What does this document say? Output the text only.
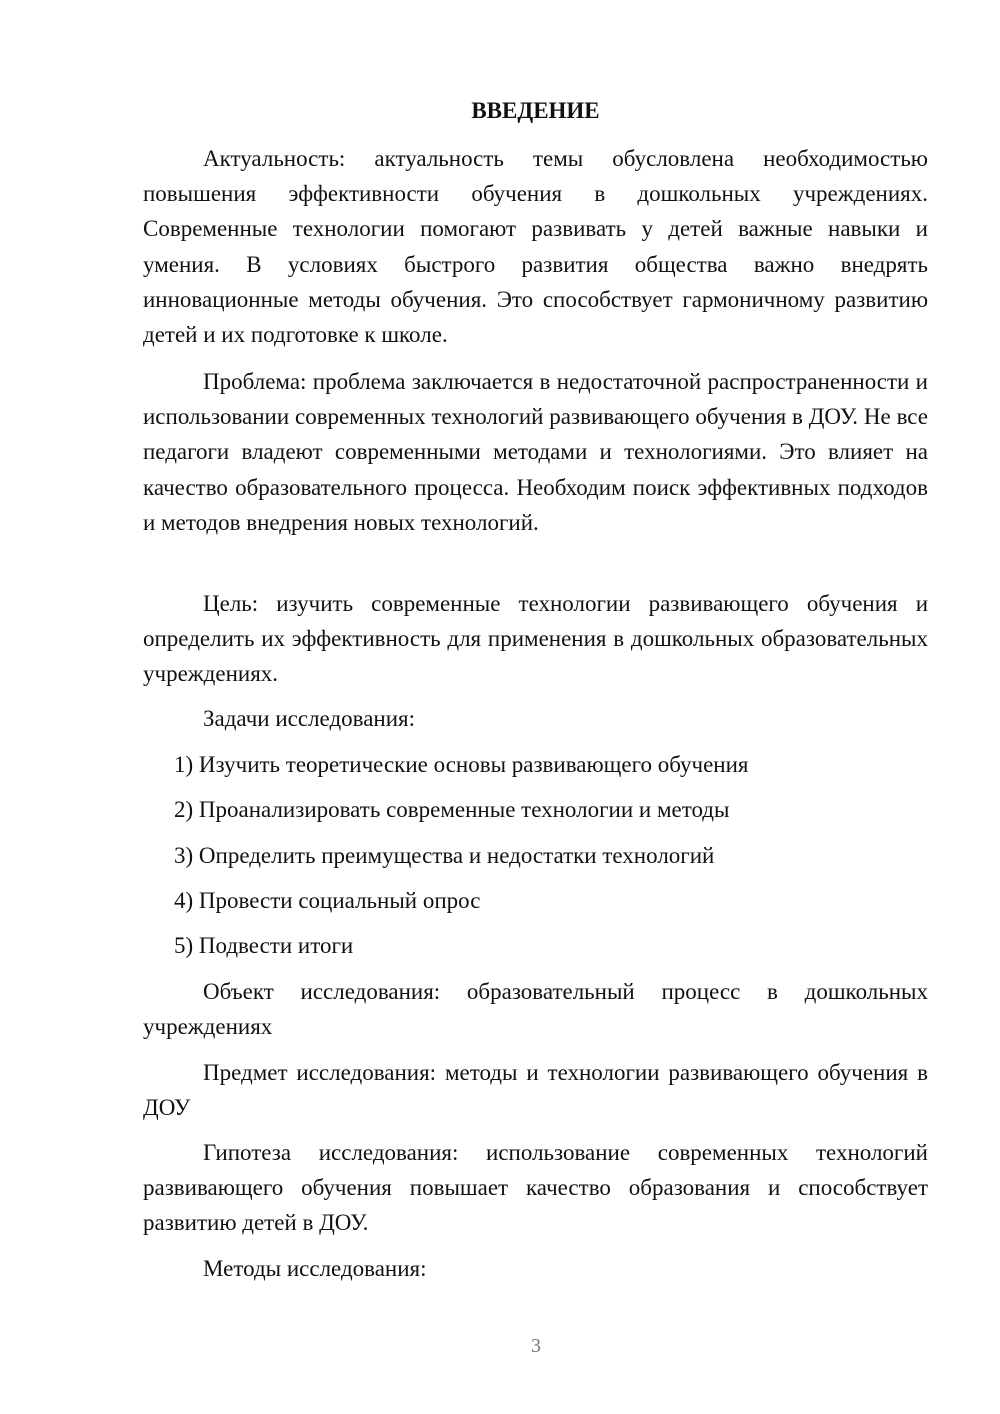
ВВЕДЕНИЕ

Актуальность: актуальность темы обусловлена необходимостью повышения эффективности обучения в дошкольных учреждениях. Современные технологии помогают развивать у детей важные навыки и умения. В условиях быстрого развития общества важно внедрять инновационные методы обучения. Это способствует гармоничному развитию детей и их подготовке к школе.

Проблема: проблема заключается в недостаточной распространенности и использовании современных технологий развивающего обучения в ДОУ. Не все педагоги владеют современными методами и технологиями. Это влияет на качество образовательного процесса. Необходим поиск эффективных подходов и методов внедрения новых технологий.

Цель: изучить современные технологии развивающего обучения и определить их эффективность для применения в дошкольных образовательных учреждениях.

Задачи исследования:
1) Изучить теоретические основы развивающего обучения
2) Проанализировать современные технологии и методы
3) Определить преимущества и недостатки технологий
4) Провести социальный опрос
5) Подвести итоги

Объект исследования: образовательный процесс в дошкольных учреждениях

Предмет исследования: методы и технологии развивающего обучения в ДОУ

Гипотеза исследования: использование современных технологий развивающего обучения повышает качество образования и способствует развитию детей в ДОУ.

Методы исследования:
3
